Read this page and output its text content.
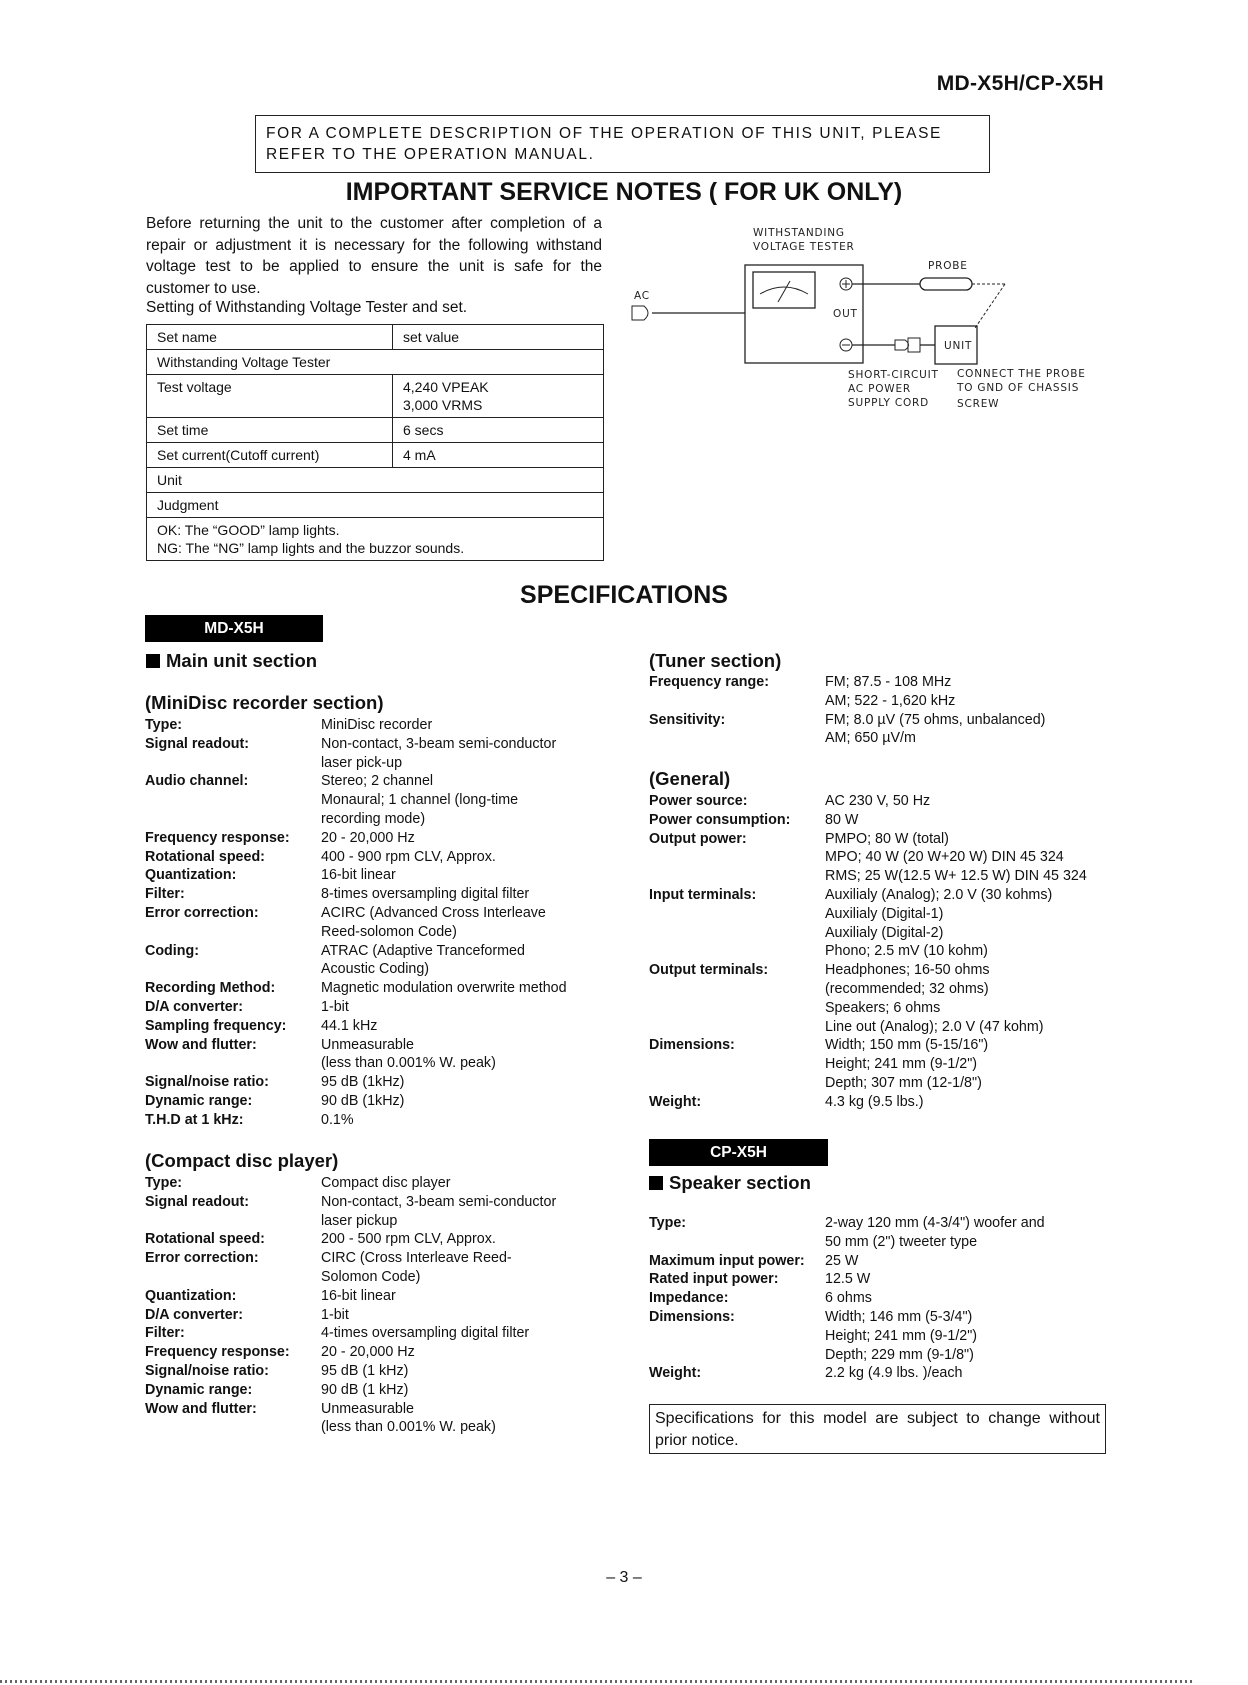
MD-X5H/CP-X5H
FOR A COMPLETE DESCRIPTION OF THE OPERATION OF THIS UNIT, PLEASE REFER TO THE OPERATION MANUAL.
IMPORTANT SERVICE NOTES ( FOR UK ONLY)
Before returning the unit to the customer after completion of a repair or adjustment it is necessary for the following withstand voltage test to be applied to ensure the unit is safe for the customer to use.
Setting of Withstanding Voltage Tester and set.
Set name	set value
Withstanding Voltage Tester	
Test voltage	4,240 VPEAK
3,000 VRMS

Set time	6 secs
Set current(Cutoff current)	4 mA
Unit	
Judgment	

OK: The “GOOD” lamp lights.
NG: The “NG” lamp lights and the buzzor sounds.	
WITHSTANDING
VOLTAGE TESTER
OUT
PROBE
UNIT
AC
SHORT-CIRCUIT
AC POWER
SUPPLY CORD
CONNECT THE PROBE
TO GND OF CHASSIS
SCREW
SPECIFICATIONS
MD-X5H
Main unit section
(MiniDisc recorder section)
Type:	MiniDisc recorder
Signal readout:	Non-contact, 3-beam semi-conductor
laser pick-up
Audio channel:	Stereo; 2 channel
Monaural; 1 channel (long-time
recording mode)
Frequency response:	20 - 20,000 Hz
Rotational speed:	400 - 900 rpm CLV, Approx.
Quantization:	16-bit linear
Filter:	8-times oversampling digital filter
Error correction:	ACIRC (Advanced Cross Interleave
Reed-solomon Code)
Coding:	ATRAC (Adaptive Tranceformed
Acoustic Coding)
Recording Method:	Magnetic modulation overwrite method
D/A converter:	1-bit
Sampling frequency:	44.1 kHz
Wow and flutter:	Unmeasurable
(less than 0.001% W. peak)
Signal/noise ratio:	95 dB (1kHz)
Dynamic range:	90 dB (1kHz)
T.H.D at 1 kHz:	0.1%
(Compact disc player)
Type:	Compact disc player
Signal readout:	Non-contact, 3-beam semi-conductor
laser pickup
Rotational speed:	200 - 500 rpm CLV, Approx.
Error correction:	CIRC (Cross Interleave Reed-
Solomon Code)
Quantization:	16-bit linear
D/A converter:	1-bit
Filter:	4-times oversampling digital filter
Frequency response:	20 - 20,000 Hz
Signal/noise ratio:	95 dB (1 kHz)
Dynamic range:	90 dB (1 kHz)
Wow and flutter:	Unmeasurable
(less than 0.001% W. peak)
(Tuner section)
Frequency range:	FM; 87.5 - 108 MHz
AM; 522 - 1,620 kHz
Sensitivity:	FM; 8.0 µV (75 ohms, unbalanced)
AM; 650 µV/m
(General)
Power source:	AC 230 V, 50 Hz
Power consumption:	80 W
Output power:	PMPO; 80 W (total)
MPO; 40 W (20 W+20 W) DIN 45 324
RMS; 25 W(12.5 W+ 12.5 W) DIN 45 324
Input terminals:	Auxilialy (Analog); 2.0 V (30 kohms)
Auxilialy (Digital-1)
Auxilialy (Digital-2)
Phono; 2.5 mV (10 kohm)
Output terminals:	Headphones; 16-50 ohms
(recommended; 32 ohms)
Speakers; 6 ohms
Line out (Analog); 2.0 V (47 kohm)
Dimensions:	Width; 150 mm (5-15/16")
Height; 241 mm (9-1/2")
Depth; 307 mm (12-1/8")
Weight:	4.3 kg (9.5 lbs.)
CP-X5H
Speaker section
Type:	2-way 120 mm (4-3/4") woofer and
50 mm (2") tweeter type
Maximum input power:	25 W
Rated input power:	12.5 W
Impedance:	6 ohms
Dimensions:	Width; 146 mm (5-3/4")
Height; 241 mm (9-1/2")
Depth; 229 mm (9-1/8")
Weight:	2.2 kg (4.9 lbs. )/each
Specifications for this model are subject to change without prior notice.
– 3 –
